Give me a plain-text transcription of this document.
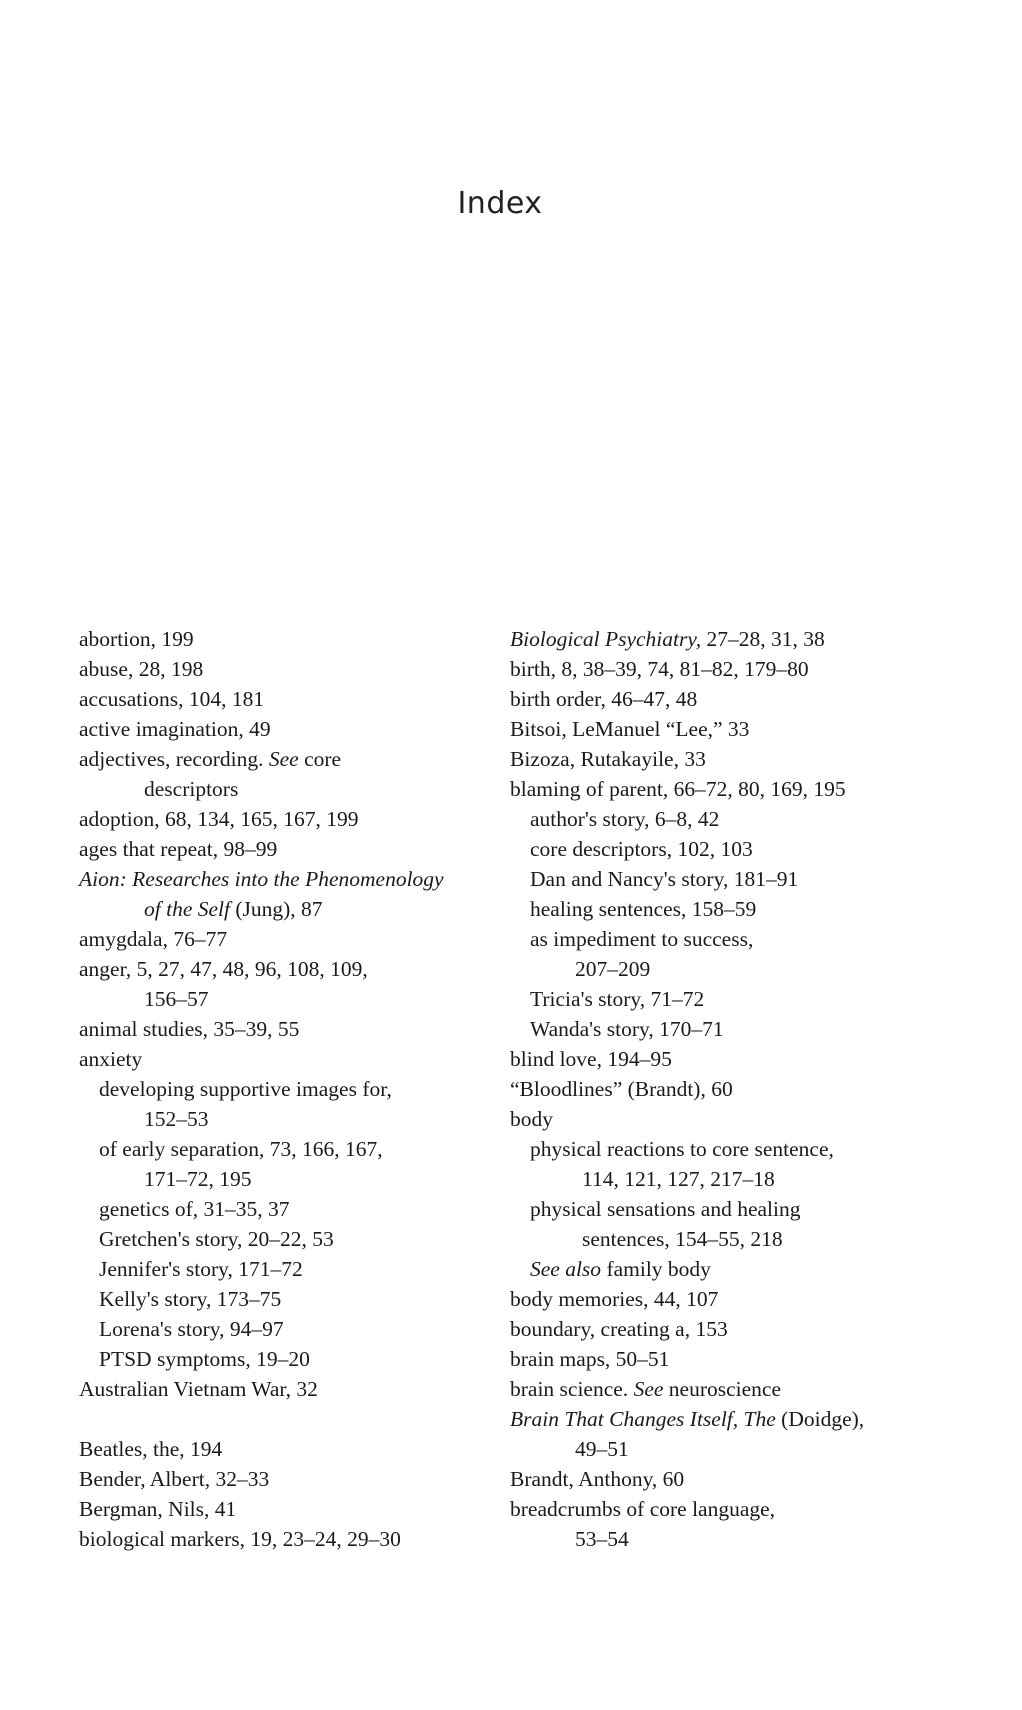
Index
abortion, 199
abuse, 28, 198
accusations, 104, 181
active imagination, 49
adjectives, recording. See core
descriptors
adoption, 68, 134, 165, 167, 199
ages that repeat, 98–99
Aion: Researches into the Phenomenology
of the Self (Jung), 87
amygdala, 76–77
anger, 5, 27, 47, 48, 96, 108, 109,
156–57
animal studies, 35–39, 55
anxiety
developing supportive images for,
152–53
of early separation, 73, 166, 167,
171–72, 195
genetics of, 31–35, 37
Gretchen's story, 20–22, 53
Jennifer's story, 171–72
Kelly's story, 173–75
Lorena's story, 94–97
PTSD symptoms, 19–20
Australian Vietnam War, 32
Beatles, the, 194
Bender, Albert, 32–33
Bergman, Nils, 41
biological markers, 19, 23–24, 29–30
Biological Psychiatry, 27–28, 31, 38
birth, 8, 38–39, 74, 81–82, 179–80
birth order, 46–47, 48
Bitsoi, LeManuel “Lee,” 33
Bizoza, Rutakayile, 33
blaming of parent, 66–72, 80, 169, 195
author's story, 6–8, 42
core descriptors, 102, 103
Dan and Nancy's story, 181–91
healing sentences, 158–59
as impediment to success,
207–209
Tricia's story, 71–72
Wanda's story, 170–71
blind love, 194–95
“Bloodlines” (Brandt), 60
body
physical reactions to core sentence,
114, 121, 127, 217–18
physical sensations and healing
sentences, 154–55, 218
See also family body
body memories, 44, 107
boundary, creating a, 153
brain maps, 50–51
brain science. See neuroscience
Brain That Changes Itself, The (Doidge),
49–51
Brandt, Anthony, 60
breadcrumbs of core language,
53–54
